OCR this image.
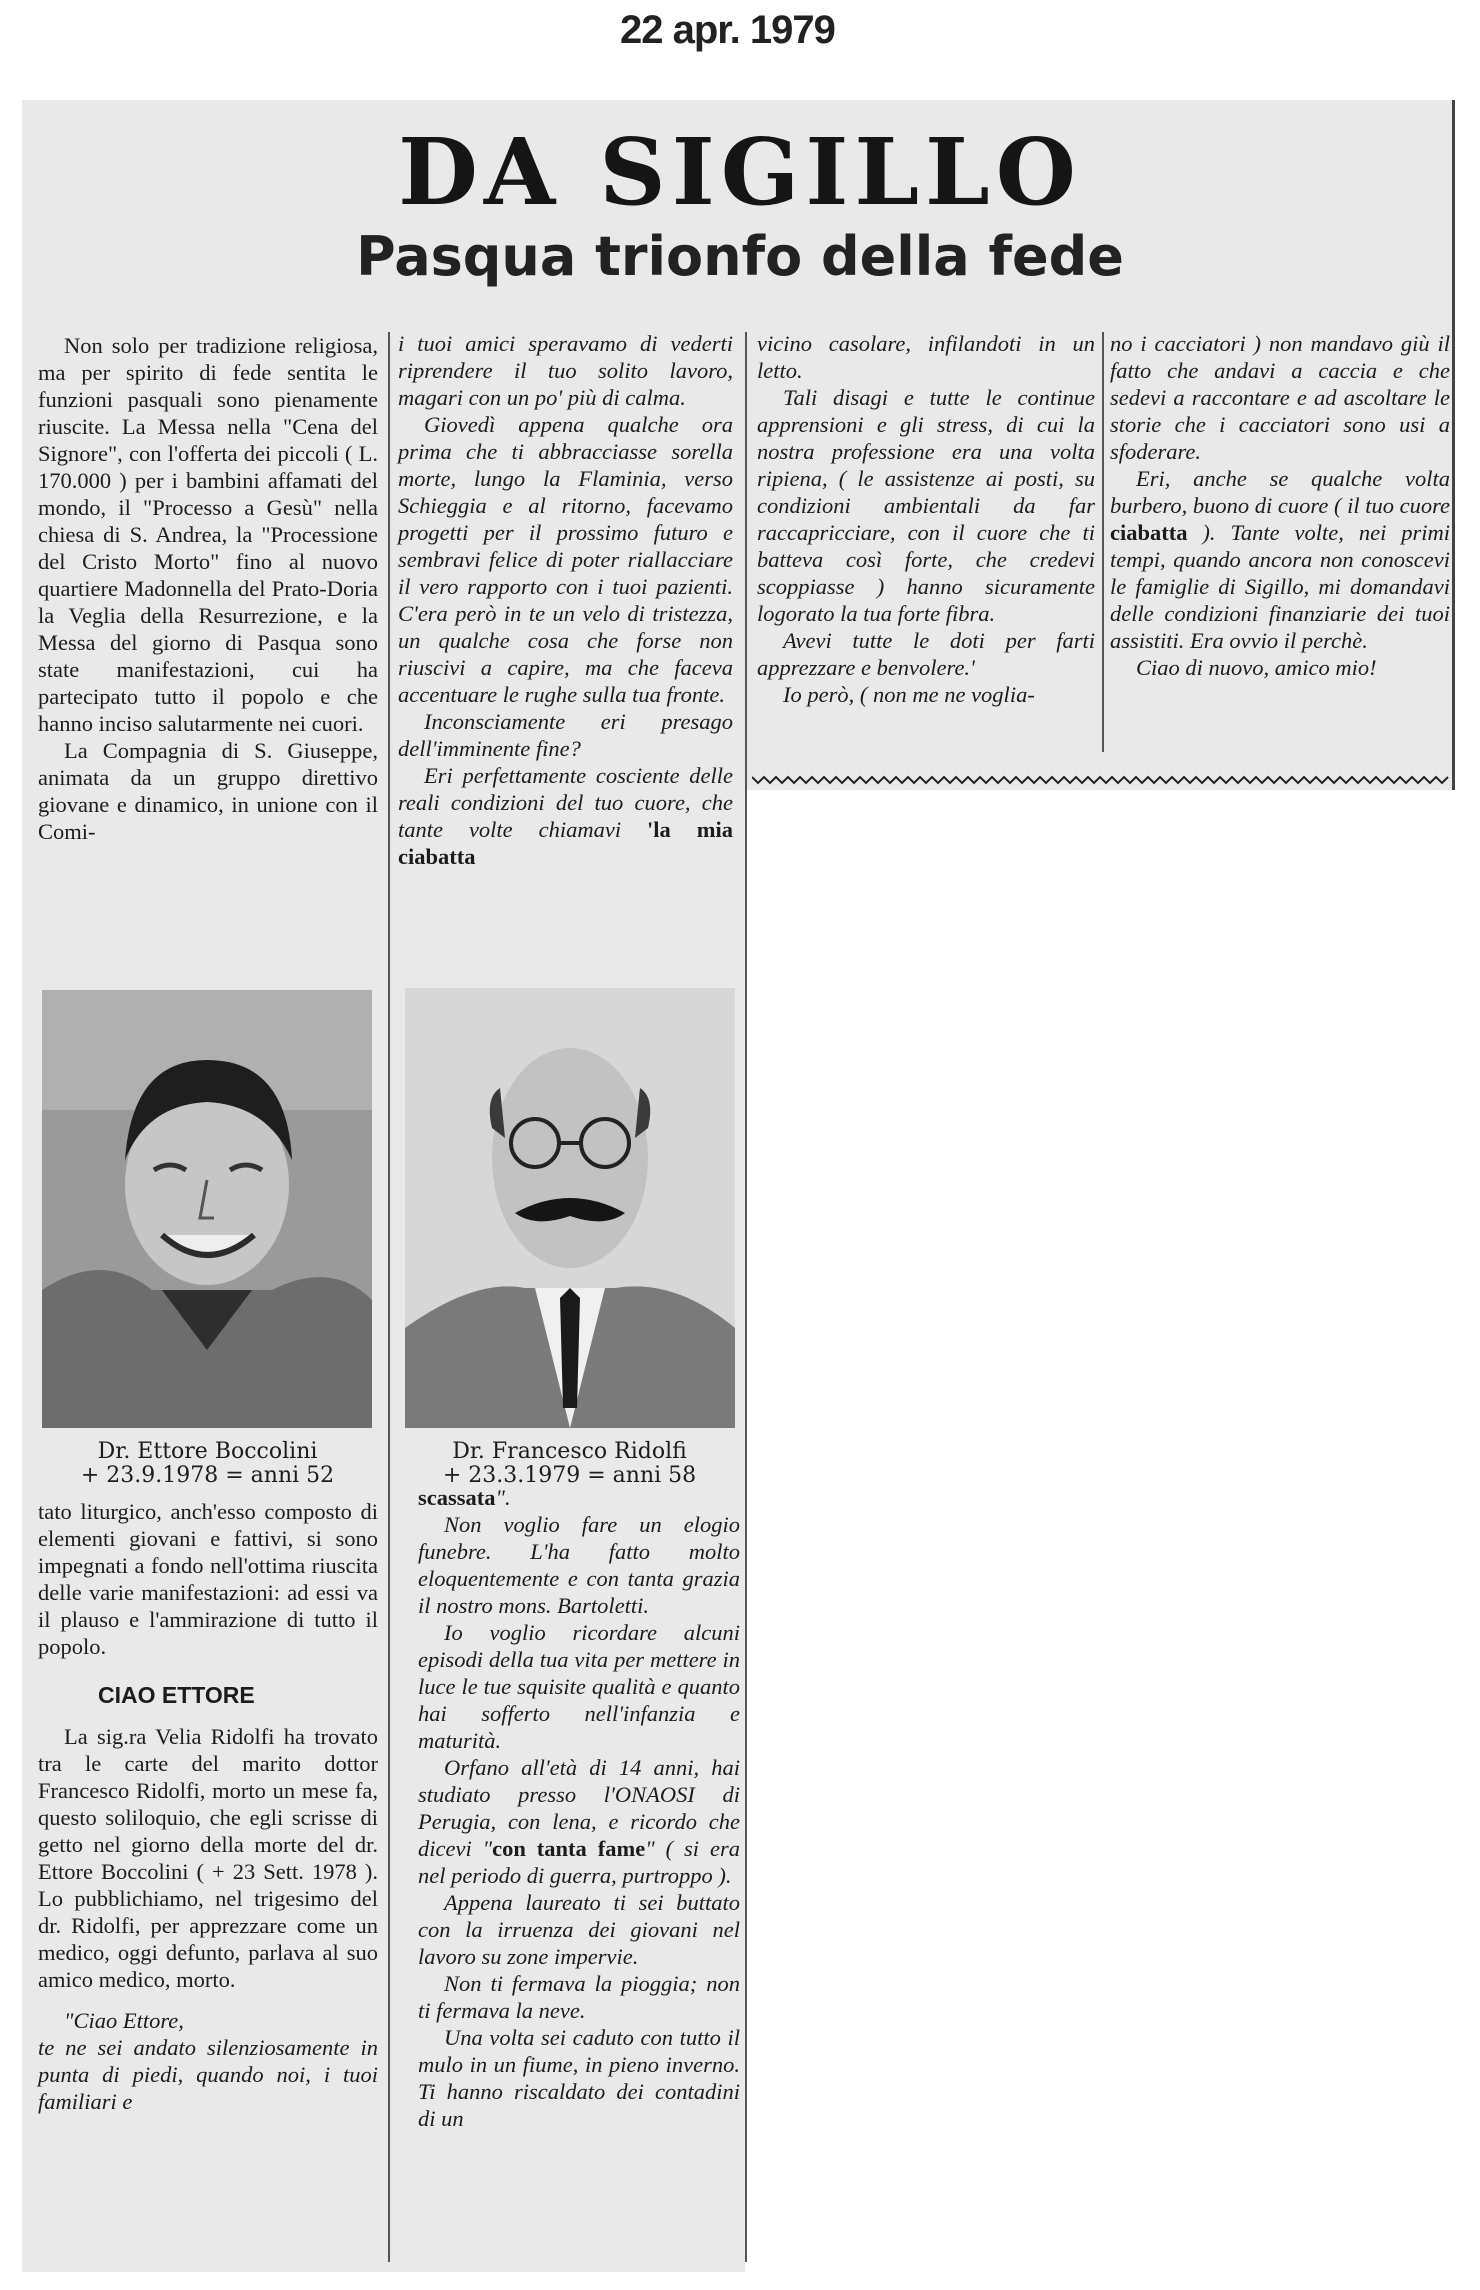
22 apr. 1979
DA SIGILLO
Pasqua trionfo della fede

Non solo per tradizione religiosa, ma per spirito di fede sentita le funzioni pasquali sono pienamente riuscite. La Messa nella "Cena del Signore", con l'offerta dei piccoli ( L. 170.000 ) per i bambini affamati del mondo, il "Processo a Gesù" nella chiesa di S. Andrea, la "Processione del Cristo Morto" fino al nuovo quartiere Madonnella del Prato-Doria la Veglia della Resurrezione, e la Messa del giorno di Pasqua sono state manifestazioni, cui ha partecipato tutto il popolo e che hanno inciso salutarmente nei cuori.

La Compagnia di S. Giuseppe, animata da un gruppo direttivo giovane e dinamico, in unione con il Comi-

i tuoi amici speravamo di vederti riprendere il tuo solito lavoro, magari con un po' più di calma.

Giovedì appena qualche ora prima che ti abbracciasse sorella morte, lungo la Flaminia, verso Schieggia e al ritorno, facevamo progetti per il prossimo futuro e sembravi felice di poter riallacciare il vero rapporto con i tuoi pazienti. C'era però in te un velo di tristezza, un qualche cosa che forse non riuscivi a capire, ma che faceva accentuare le rughe sulla tua fronte.

Inconsciamente eri presago dell'imminente fine?

Eri perfettamente cosciente delle reali condizioni del tuo cuore, che tante volte chiamavi 'la mia ciabatta

vicino casolare, infilandoti in un letto.

Tali disagi e tutte le continue apprensioni e gli stress, di cui la nostra professione era una volta ripiena, ( le assistenze ai posti, su condizioni ambientali da far raccapricciare, con il cuore che ti batteva così forte, che credevi scoppiasse ) hanno sicuramente logorato la tua forte fibra.

Avevi tutte le doti per farti apprezzare e benvolere.'

Io però, ( non me ne voglia-

no i cacciatori ) non mandavo giù il fatto che andavi a caccia e che sedevi a raccontare e ad ascoltare le storie che i cacciatori sono usi a sfoderare.

Eri, anche se qualche volta burbero, buono di cuore ( il tuo cuore ciabatta ). Tante volte, nei primi tempi, quando ancora non conoscevi le famiglie di Sigillo, mi domandavi delle condizioni finanziarie dei tuoi assistiti. Era ovvio il perchè.

Ciao di nuovo, amico mio!

Dr. Ettore Boccolini
+ 23.9.1978 = anni 52
Dr. Francesco Ridolfi
+ 23.3.1979 = anni 58

tato liturgico, anch'esso composto di elementi giovani e fattivi, si sono impegnati a fondo nell'ottima riuscita delle varie manifestazioni: ad essi va il plauso e l'ammirazione di tutto il popolo.

CIAO ETTORE

La sig.ra Velia Ridolfi ha trovato tra le carte del marito dottor Francesco Ridolfi, morto un mese fa, questo soliloquio, che egli scrisse di getto nel giorno della morte del dr. Ettore Boccolini ( + 23 Sett. 1978 ). Lo pubblichiamo, nel trigesimo del dr. Ridolfi, per apprezzare come un medico, oggi defunto, parlava al suo amico medico, morto.

"Ciao Ettore,

te ne sei andato silenziosamente in punta di piedi, quando noi, i tuoi familiari e

scassata".

Non voglio fare un elogio funebre. L'ha fatto molto eloquentemente e con tanta grazia il nostro mons. Bartoletti.

Io voglio ricordare alcuni episodi della tua vita per mettere in luce le tue squisite qualità e quanto hai sofferto nell'infanzia e maturità.

Orfano all'età di 14 anni, hai studiato presso l'ONAOSI di Perugia, con lena, e ricordo che dicevi "con tanta fame" ( si era nel periodo di guerra, purtroppo ).

Appena laureato ti sei buttato con la irruenza dei giovani nel lavoro su zone impervie.

Non ti fermava la pioggia; non ti fermava la neve.

Una volta sei caduto con tutto il mulo in un fiume, in pieno inverno. Ti hanno riscaldato dei contadini di un
